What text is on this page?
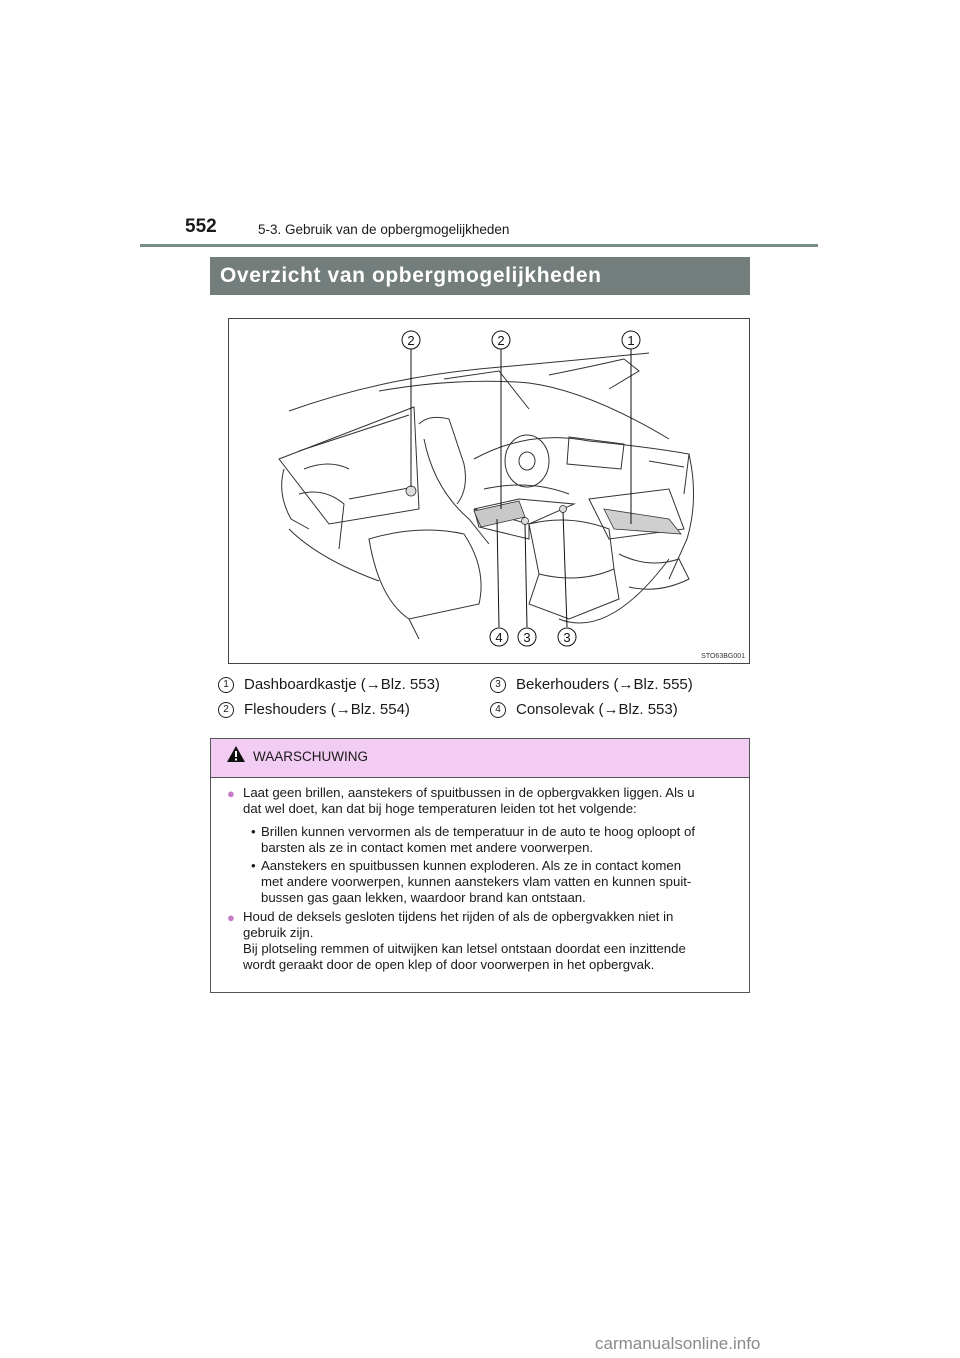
552	5-3. Gebruik van de opbergmogelijkheden
Overzicht van opbergmogelijkheden
2	2	1
4 3	3
STO63BG001
1 Dashboardkastje (→Blz. 553)
2 Fleshouders (→Blz. 554)
3 Bekerhouders (→Blz. 555)
4 Consolevak (→Blz. 553)
WAARSCHUWING
● Laat geen brillen, aanstekers of spuitbussen in de opbergvakken liggen. Als u
dat wel doet, kan dat bij hoge temperaturen leiden tot het volgende:
• Brillen kunnen vervormen als de temperatuur in de auto te hoog oploopt of
barsten als ze in contact komen met andere voorwerpen.
• Aanstekers en spuitbussen kunnen exploderen. Als ze in contact komen
met andere voorwerpen, kunnen aanstekers vlam vatten en kunnen spuit-
bussen gas gaan lekken, waardoor brand kan ontstaan.
● Houd de deksels gesloten tijdens het rijden of als de opbergvakken niet in
gebruik zijn.
Bij plotseling remmen of uitwijken kan letsel ontstaan doordat een inzittende
wordt geraakt door de open klep of door voorwerpen in het opbergvak.
carmanualsonline.info
